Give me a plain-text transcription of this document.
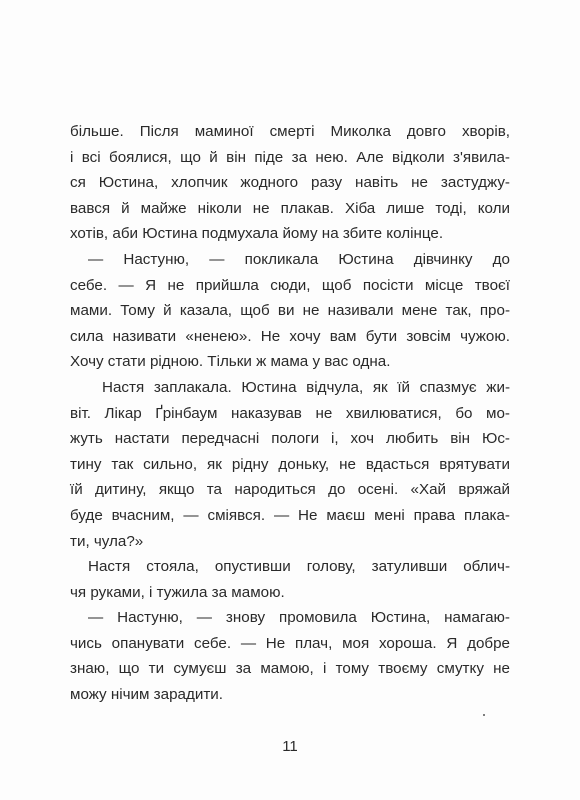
більше. Після маминої смерті Миколка довго хворів,
і всі боялися, що й він піде за нею. Але відколи з'явила-
ся Юстина, хлопчик жодного разу навіть не застуджу-
вався й майже ніколи не плакав. Хіба лише тоді, коли
хотів, аби Юстина подмухала йому на збите колінце.
— Настуню, — покликала Юстина дівчинку до
себе. — Я не прийшла сюди, щоб посісти місце твоєї
мами. Тому й казала, щоб ви не називали мене так, про-
сила називати «ненею». Не хочу вам бути зовсім чужою.
Хочу стати рідною. Тільки ж мама у вас одна.
Настя заплакала. Юстина відчула, як їй спазмує жи-
віт. Лікар Ґрінбаум наказував не хвилюватися, бо мо-
жуть настати передчасні пологи і, хоч любить він Юс-
тину так сильно, як рідну доньку, не вдасться врятувати
їй дитину, якщо та народиться до осені. «Хай вряжай
буде вчасним, — сміявся. — Не маєш мені права плака-
ти, чула?»
Настя стояла, опустивши голову, затуливши облич-
чя руками, і тужила за мамою.
— Настуню, — знову промовила Юстина, намагаю-
чись опанувати себе. — Не плач, моя хороша. Я добре
знаю, що ти сумуєш за мамою, і тому твоєму смутку не
можу нічим зарадити.
11
